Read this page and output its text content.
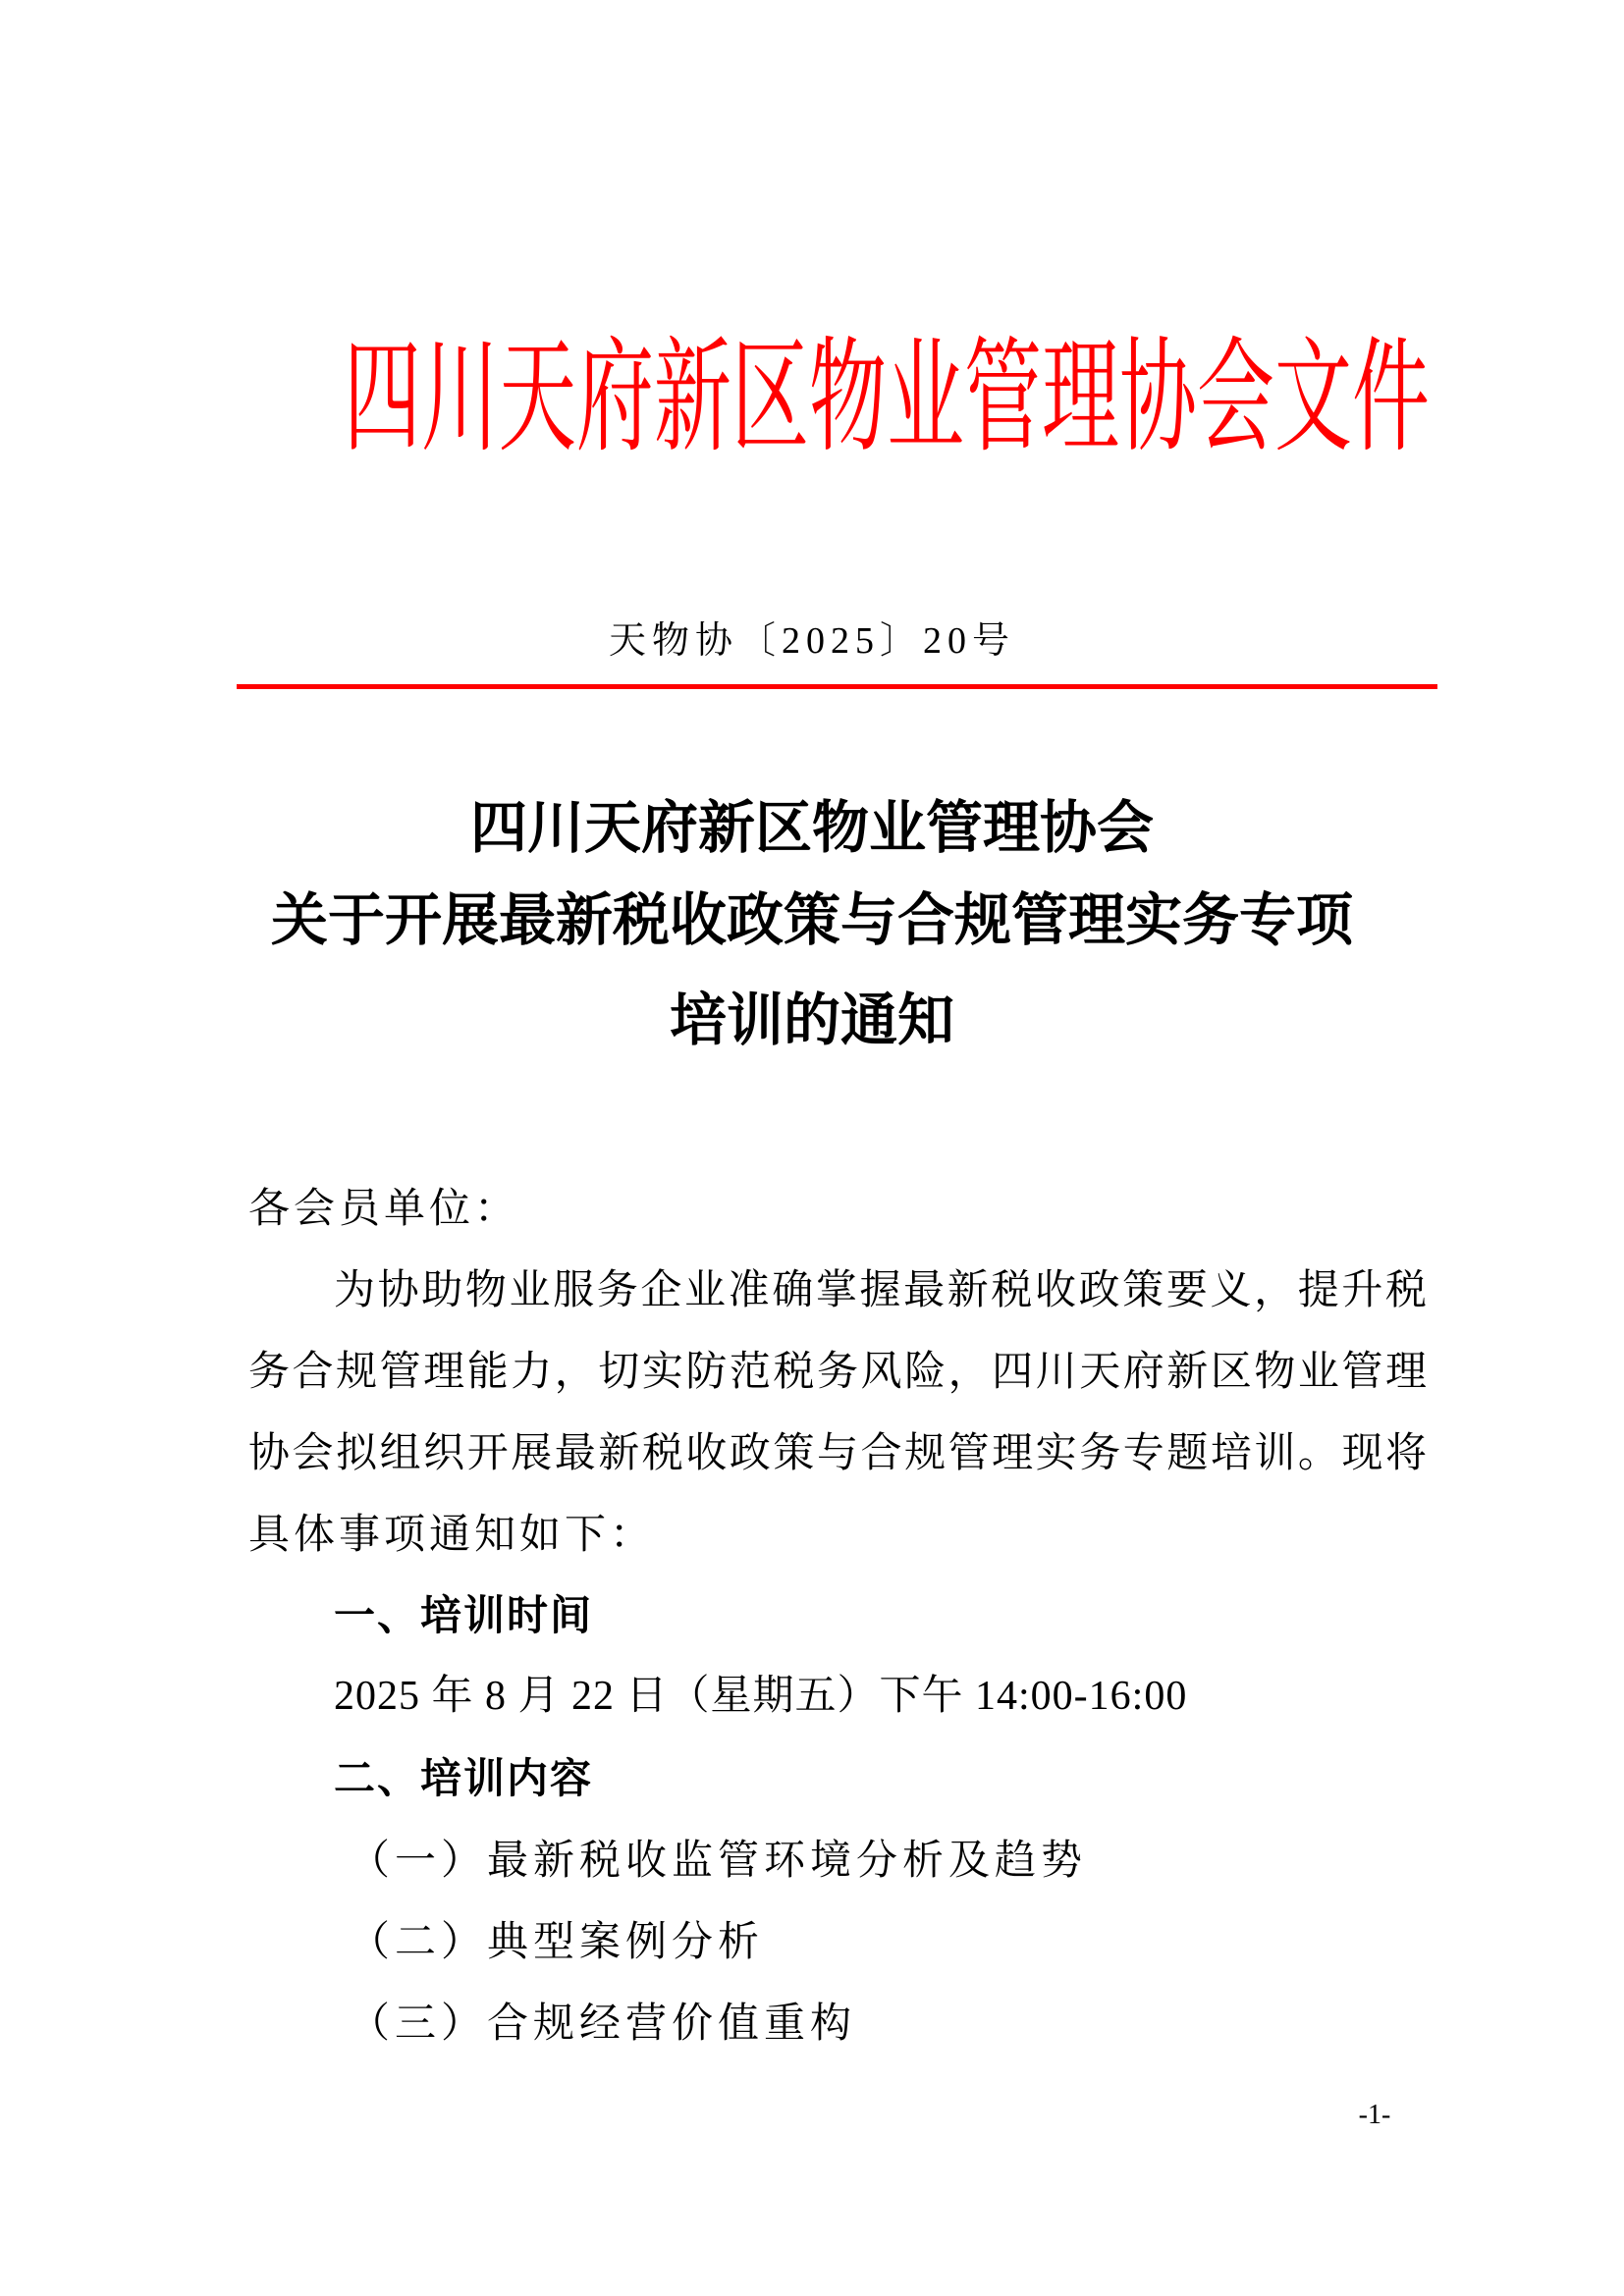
四 川 天 府 新 区 物 业 管 理 协 会 文 件
天物协〔2025〕20号
四川天府新区物业管理协会
关于开展最新税收政策与合规管理实务专项
培训的通知
各会员单位：
为协助物业服务企业准确掌握最新税收政策要义，提升税
务合规管理能力，切实防范税务风险，四川天府新区物业管理
协会拟组织开展最新税收政策与合规管理实务专题培训。现将
具体事项通知如下：
一、培训时间
2025 年 8 月 22 日（星期五）下午 14:00-16:00
二、培训内容
（一）最新税收监管环境分析及趋势
（二）典型案例分析
（三）合规经营价值重构
-1-
